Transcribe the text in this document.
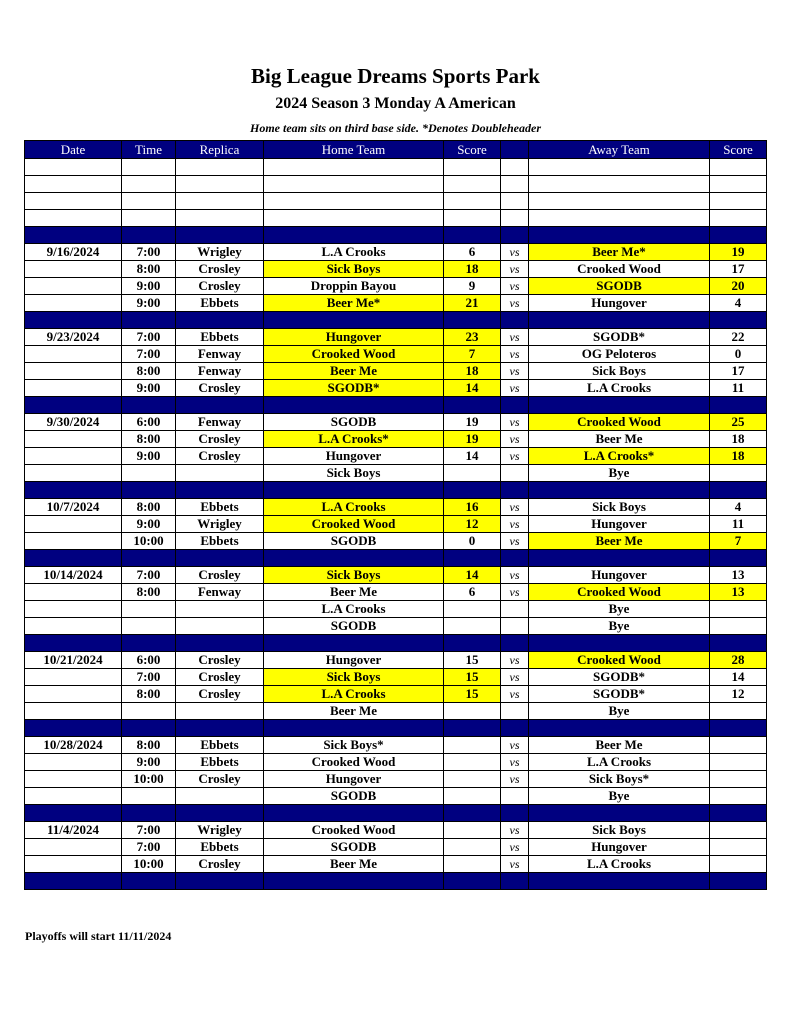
Big League Dreams Sports Park
2024 Season 3 Monday A American
Home team sits on third base side. *Denotes Doubleheader
Date	Time	Replica	Home Team	Score		Away Team	Score

9/16/2024	7:00	Wrigley	L.A Crooks	6	vs	Beer Me*	19
	8:00	Crosley	Sick Boys	18	vs	Crooked Wood	17
	9:00	Crosley	Droppin Bayou	9	vs	SGODB	20
	9:00	Ebbets	Beer Me*	21	vs	Hungover	4

9/23/2024	7:00	Ebbets	Hungover	23	vs	SGODB*	22
	7:00	Fenway	Crooked Wood	7	vs	OG Peloteros	0
	8:00	Fenway	Beer Me	18	vs	Sick Boys	17
	9:00	Crosley	SGODB*	14	vs	L.A Crooks	11

9/30/2024	6:00	Fenway	SGODB	19	vs	Crooked Wood	25
	8:00	Crosley	L.A Crooks*	19	vs	Beer Me	18
	9:00	Crosley	Hungover	14	vs	L.A Crooks*	18
			Sick Boys			Bye	

10/7/2024	8:00	Ebbets	L.A Crooks	16	vs	Sick Boys	4
	9:00	Wrigley	Crooked Wood	12	vs	Hungover	11
	10:00	Ebbets	SGODB	0	vs	Beer Me	7

10/14/2024	7:00	Crosley	Sick Boys	14	vs	Hungover	13
	8:00	Fenway	Beer Me	6	vs	Crooked Wood	13
			L.A Crooks			Bye	
			SGODB			Bye	

10/21/2024	6:00	Crosley	Hungover	15	vs	Crooked Wood	28
	7:00	Crosley	Sick Boys	15	vs	SGODB*	14
	8:00	Crosley	L.A Crooks	15	vs	SGODB*	12
			Beer Me			Bye	

10/28/2024	8:00	Ebbets	Sick Boys*		vs	Beer Me	
	9:00	Ebbets	Crooked Wood		vs	L.A Crooks	
	10:00	Crosley	Hungover		vs	Sick Boys*	
			SGODB			Bye	

11/4/2024	7:00	Wrigley	Crooked Wood		vs	Sick Boys	
	7:00	Ebbets	SGODB		vs	Hungover	
	10:00	Crosley	Beer Me		vs	L.A Crooks	

Playoffs will start 11/11/2024
